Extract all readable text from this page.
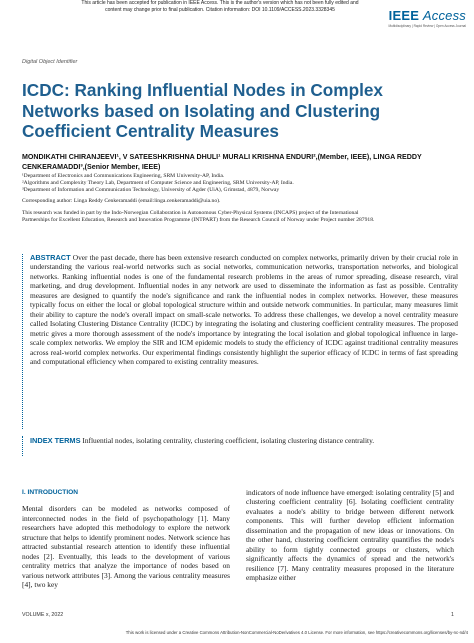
This article has been accepted for publication in IEEE Access. This is the author's version which has not been fully edited and
content may change prior to final publication. Citation information: DOI 10.1109/ACCESS.2023.3328345	IEEE Access
Multidisciplinary | Rapid Review | Open Access Journal
Digital Object Identifier
ICDC: Ranking Influential Nodes in Complex Networks based on Isolating and Clustering Coefficient Centrality Measures
MONDIKATHI CHIRANJEEVI¹, V SATEESHKRISHNA DHULI¹ MURALI KRISHNA ENDURI²,(Member, IEEE), LINGA REDDY CENKERAMADDI³,(Senior Member, IEEE)
¹Department of Electronics and Communications Engineering, SRM University-AP, India.
²Algorithms and Complexity Theory Lab, Department of Computer Science and Engineering, SRM University-AP, India.
³Department of Information and Communication Technology, University of Agder (UiA), Grimstad, 4879, Norway
Corresponding author: Linga Reddy Cenkeramaddi (email:linga.cenkeramaddi@uia.no).
This research was funded in part by the Indo-Norwegian Collaboration in Autonomous Cyber-Physical Systems (INCAPS) project of the International Partnerships for Excellent Education, Research and Innovation Programme (INTPART) from the Research Council of Norway under Project number 287918.
ABSTRACT Over the past decade, there has been extensive research conducted on complex networks, primarily driven by their crucial role in understanding the various real-world networks such as social networks, communication networks, transportation networks, and biological networks. Ranking influential nodes is one of the fundamental research problems in the areas of rumor spreading, disease research, viral marketing, and drug development. Influential nodes in any network are used to disseminate the information as fast as possible. Centrality measures are designed to quantify the node's significance and rank the influential nodes in complex networks. However, these measures typically focus on either the local or global topological structure within and outside network communities. In particular, many measures limit their ability to capture the node's overall impact on small-scale networks. To address these challenges, we develop a novel centrality measure called Isolating Clustering Distance Centrality (ICDC) by integrating the isolating and clustering coefficient centrality measures. The proposed metric gives a more thorough assessment of the node's importance by integrating the local isolation and global topological influence in large-scale complex networks. We employ the SIR and ICM epidemic models to study the efficiency of ICDC against traditional centrality measures across real-world complex networks. Our experimental findings consistently highlight the superior efficacy of ICDC in terms of fast spreading and computational efficiency when compared to existing centrality measures.
INDEX TERMS Influential nodes, isolating centrality, clustering coefficient, isolating clustering distance centrality.
I. INTRODUCTION

Mental disorders can be modeled as networks composed of interconnected nodes in the field of psychopathology [1]. Many researchers have adopted this methodology to explore the network structure that helps to identify prominent nodes. Network science has attracted substantial research attention to identify these influential nodes [2]. Eventually, this leads to the development of various centrality metrics that analyze the importance of nodes based on various network attributes [3]. Among the various centrality measures [4], two key

indicators of node influence have emerged: isolating centrality [5] and clustering coefficient centrality [6]. Isolating coefficient centrality evaluates a node's ability to bridge between different network components. This will further develop efficient information dissemination and the propagation of new ideas or innovations. On the other hand, clustering coefficient centrality quantifies the node's ability to form tightly connected groups or clusters, which significantly affects the dynamics of spread and the network's resilience [7]. Many centrality measures proposed in the literature emphasize either

VOLUME x, 2022	1
This work is licensed under a Creative Commons Attribution-NonCommercial-NoDerivatives 4.0 License. For more information, see https://creativecommons.org/licenses/by-nc-nd/4
